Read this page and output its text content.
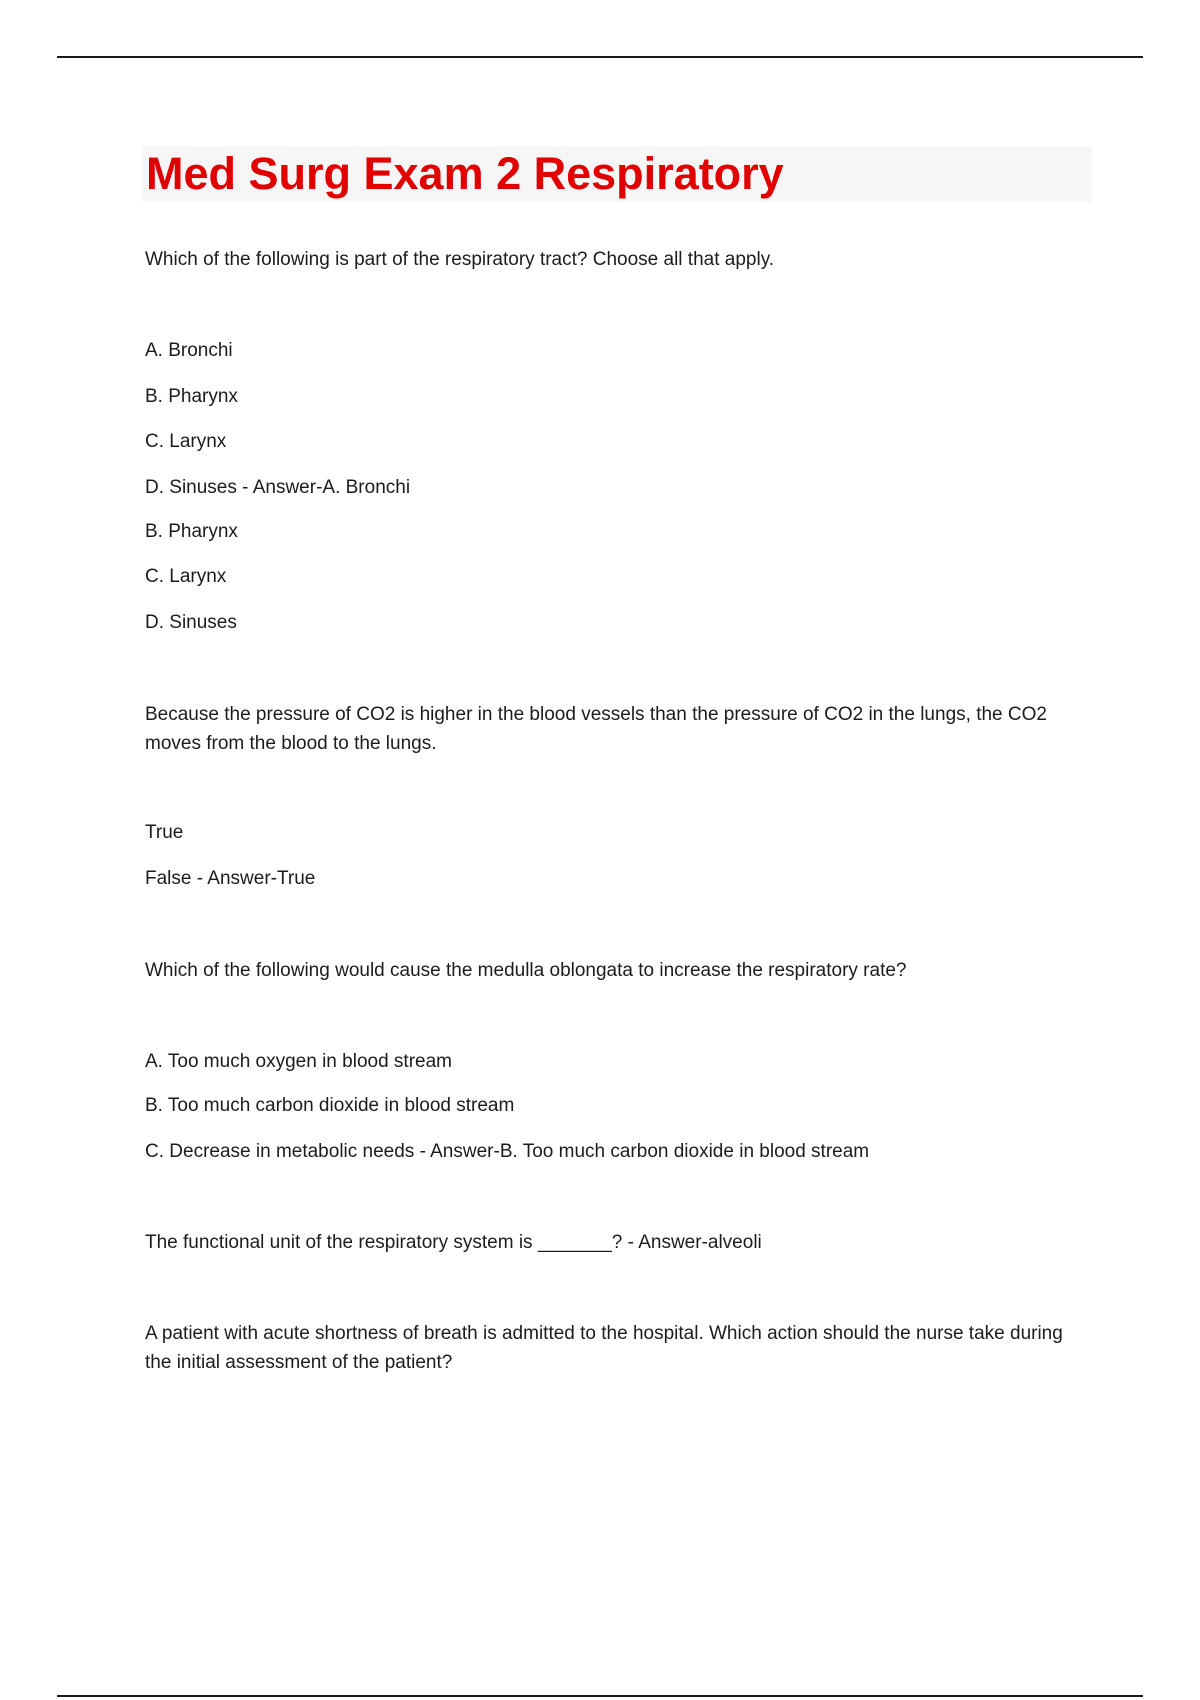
Med Surg Exam 2 Respiratory

Which of the following is part of the respiratory tract? Choose all that apply.

A. Bronchi

B. Pharynx

C. Larynx

D. Sinuses - Answer-A. Bronchi

B. Pharynx

C. Larynx

D. Sinuses

Because the pressure of CO2 is higher in the blood vessels than the pressure of CO2 in the lungs, the CO2 moves from the blood to the lungs.

True

False - Answer-True

Which of the following would cause the medulla oblongata to increase the respiratory rate?

A. Too much oxygen in blood stream

B. Too much carbon dioxide in blood stream

C. Decrease in metabolic needs - Answer-B. Too much carbon dioxide in blood stream

The functional unit of the respiratory system is _______? - Answer-alveoli

A patient with acute shortness of breath is admitted to the hospital. Which action should the nurse take during the initial assessment of the patient?
